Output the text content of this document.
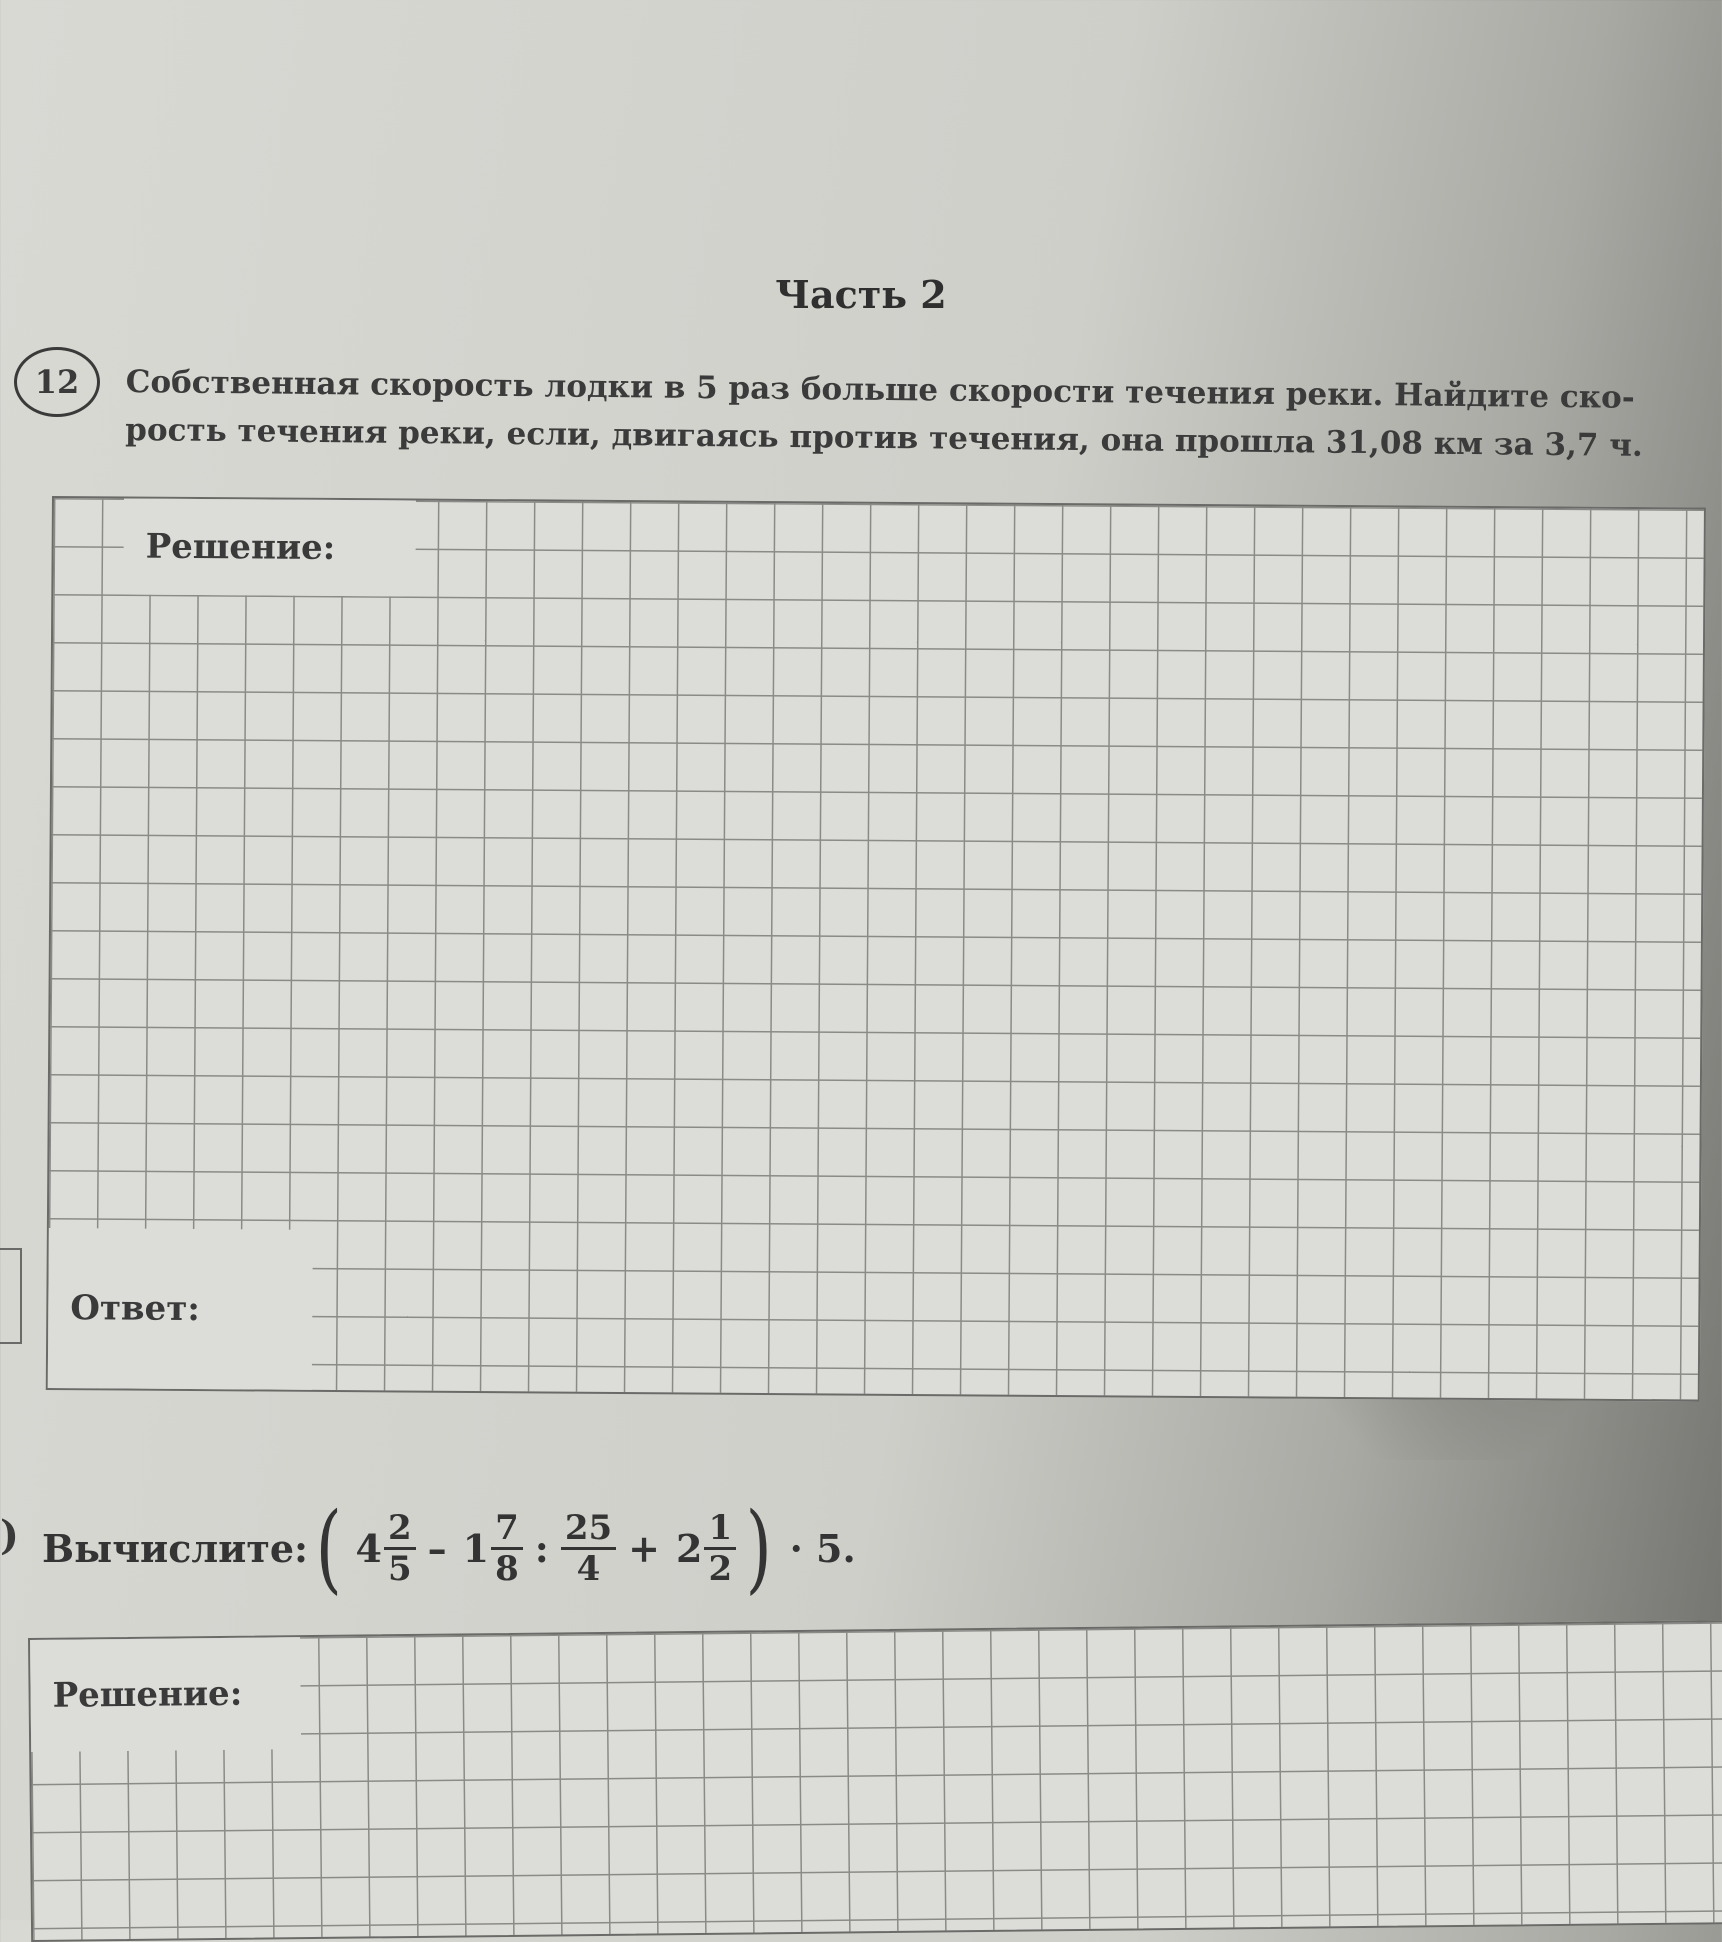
Часть 2
12	Собственная скорость лодки в 5 раз больше скорости течения реки. Найдите ско-
рость течения реки, если, двигаясь против течения, она прошла 31,08 км за 3,7 ч.
Решение:
Ответ:
) Вычислите: ( $4 \frac{2}{5} - 1 \frac{7}{8}$ : $\frac{25}{4} + 2 \frac{1}{2}$ ) · 5.
Решение:
